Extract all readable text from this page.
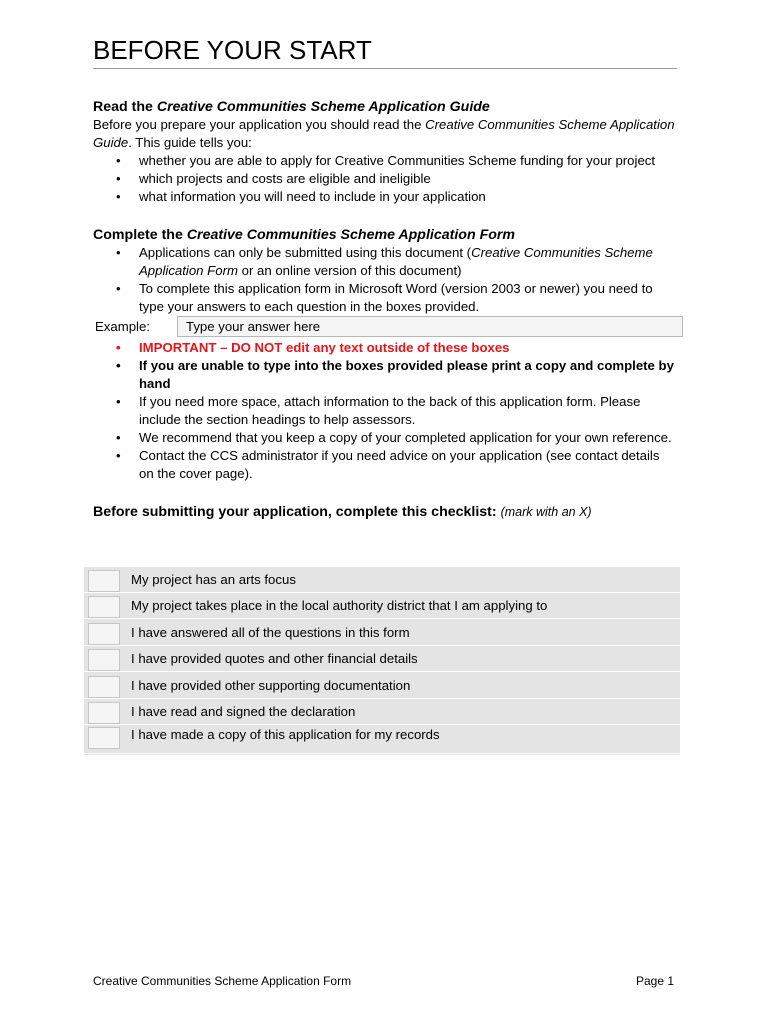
BEFORE YOUR START
Read the Creative Communities Scheme Application Guide

Before you prepare your application you should read the Creative Communities Scheme Application Guide. This guide tells you:

• whether you are able to apply for Creative Communities Scheme funding for your project
• which projects and costs are eligible and ineligible
• what information you will need to include in your application
Complete the Creative Communities Scheme Application Form
• Applications can only be submitted using this document (Creative Communities Scheme Application Form or an online version of this document)
• To complete this application form in Microsoft Word (version 2003 or newer) you need to type your answers to each question in the boxes provided.
Example:	Type your answer here
• IMPORTANT – DO NOT edit any text outside of these boxes
• If you are unable to type into the boxes provided please print a copy and complete by hand
• If you need more space, attach information to the back of this application form. Please include the section headings to help assessors.
• We recommend that you keep a copy of your completed application for your own reference.
• Contact the CCS administrator if you need advice on your application (see contact details on the cover page).
Before submitting your application, complete this checklist: (mark with an X)
My project has an arts focus
My project takes place in the local authority district that I am applying to
I have answered all of the questions in this form
I have provided quotes and other financial details
I have provided other supporting documentation
I have read and signed the declaration
I have made a copy of this application for my records
Creative Communities Scheme Application Form	Page 1
